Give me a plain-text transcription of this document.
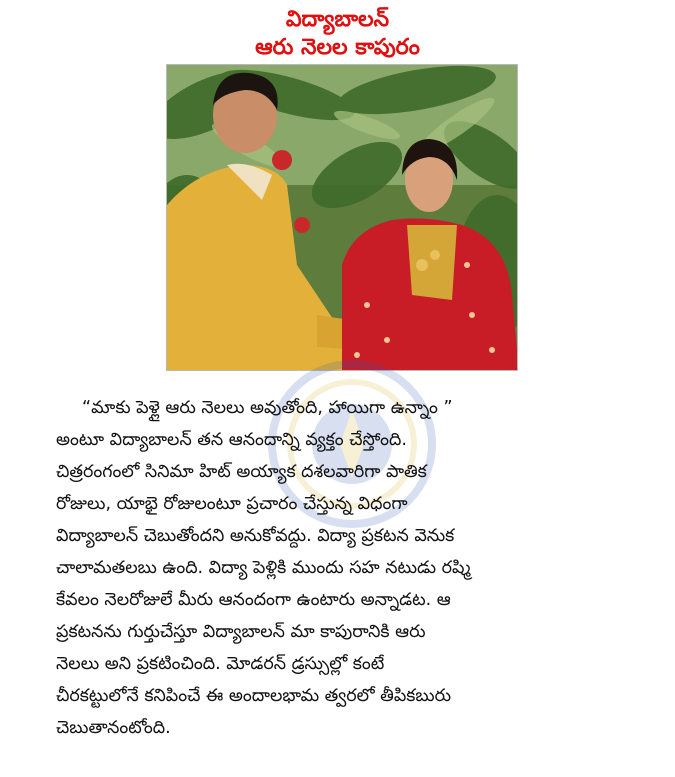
విద్యాబాలన్
ఆరు నెలల కాపురం
“మాకు పెళ్లై ఆరు నెలలు అవుతోంది, హాయిగా ఉన్నాం ”
అంటూ విద్యాబాలన్ తన ఆనందాన్ని వ్యక్తం చేస్తోంది.
చిత్రరంగంలో సినిమా హిట్ అయ్యాక దశలవారిగా పాతిక
రోజులు, యాభై రోజులంటూ ప్రచారం చేస్తున్న విధంగా
విద్యాబాలన్ చెబుతోందని అనుకోవద్దు. విద్యా ప్రకటన వెనుక
చాలామతలబు ఉంది. విద్యా పెళ్లికి ముందు సహ నటుడు రష్మి
కేవలం నెలరోజులే మీరు ఆనందంగా ఉంటారు అన్నాడట. ఆ
ప్రకటనను గుర్తుచేస్తూ విద్యాబాలన్ మా కాపురానికి ఆరు
నెలలు అని ప్రకటించింది. మోడరన్ డ్రస్సుల్లో కంటే
చీరకట్టులోనే కనిపించే ఈ అందాలభామ త్వరలో తీపికబురు
చెబుతానంటోంది.
